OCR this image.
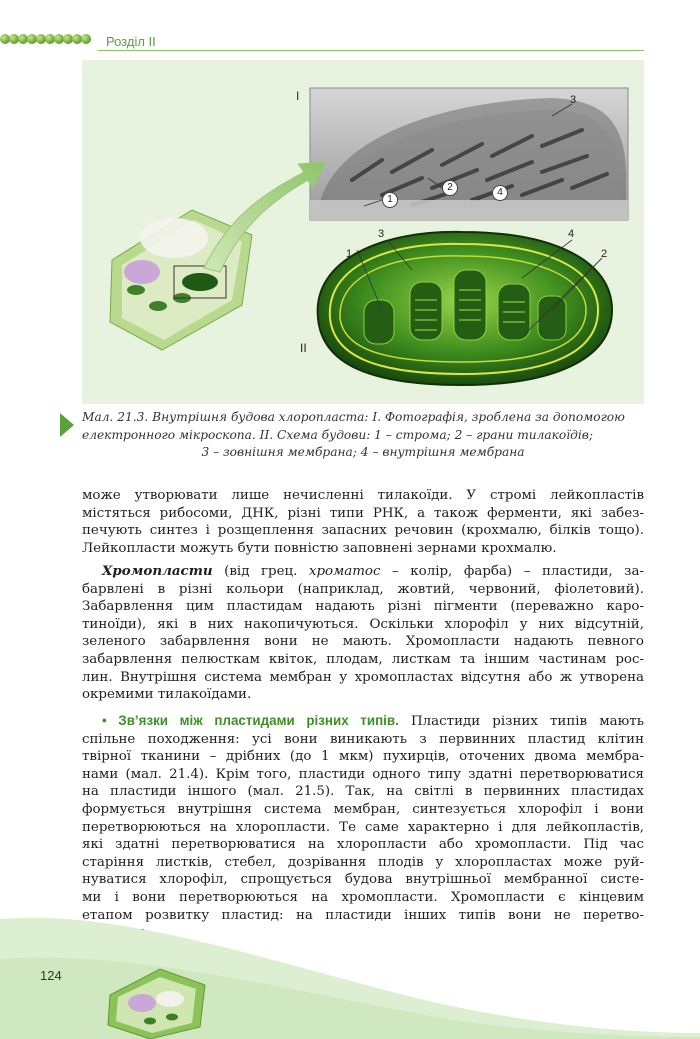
Розділ II
I
II
1
2
3
4
1	2
3	4
Мал. 21.3. Внутрішня будова хлоропласта: I. Фотографія, зроблена за допомогою
електронного мікроскопа. II. Схема будови: 1 – строма; 2 – грани тилакоїдів;
3 – зовнішня мембрана; 4 – внутрішня мембрана
може утворювати лише нечисленні тилакоїди. У стромі лейкопластів
містяться рибосоми, ДНК, різні типи РНК, а також ферменти, які забез-
печують синтез і розщеплення запасних речовин (крохмалю, білків тощо).
Лейкопласти можуть бути повністю заповнені зернами крохмалю.
Хромопласти (від грец. хроматос – колір, фарба) – пластиди, за-
барвлені в різні кольори (наприклад, жовтий, червоний, фіолетовий).
Забарвлення цим пластидам надають різні пігменти (переважно каро-
тиноїди), які в них накопичуються. Оскільки хлорофіл у них відсутній,
зеленого забарвлення вони не мають. Хромопласти надають певного
забарвлення пелюсткам квіток, плодам, листкам та іншим частинам рос-
лин. Внутрішня система мембран у хромопластах відсутня або ж утворена
окремими тилакоїдами.
• Зв’язки між пластидами різних типів. Пластиди різних типів мають
спільне походження: усі вони виникають з первинних пластид клітин
твірної тканини – дрібних (до 1 мкм) пухирців, оточених двома мембра-
нами (мал. 21.4). Крім того, пластиди одного типу здатні перетворюватися
на пластиди іншого (мал. 21.5). Так, на світлі в первинних пластидах
формується внутрішня система мембран, синтезується хлорофіл і вони
перетворюються на хлоропласти. Те саме характерно і для лейкопластів,
які здатні перетворюватися на хлоропласти або хромопласти. Під час
старіння листків, стебел, дозрівання плодів у хлоропластах може руй-
нуватися хлорофіл, спрощується будова внутрішньої мембранної систе-
ми і вони перетворюються на хромопласти. Хромопласти є кінцевим
етапом розвитку пластид: на пластиди інших типів вони не перетво-
124
